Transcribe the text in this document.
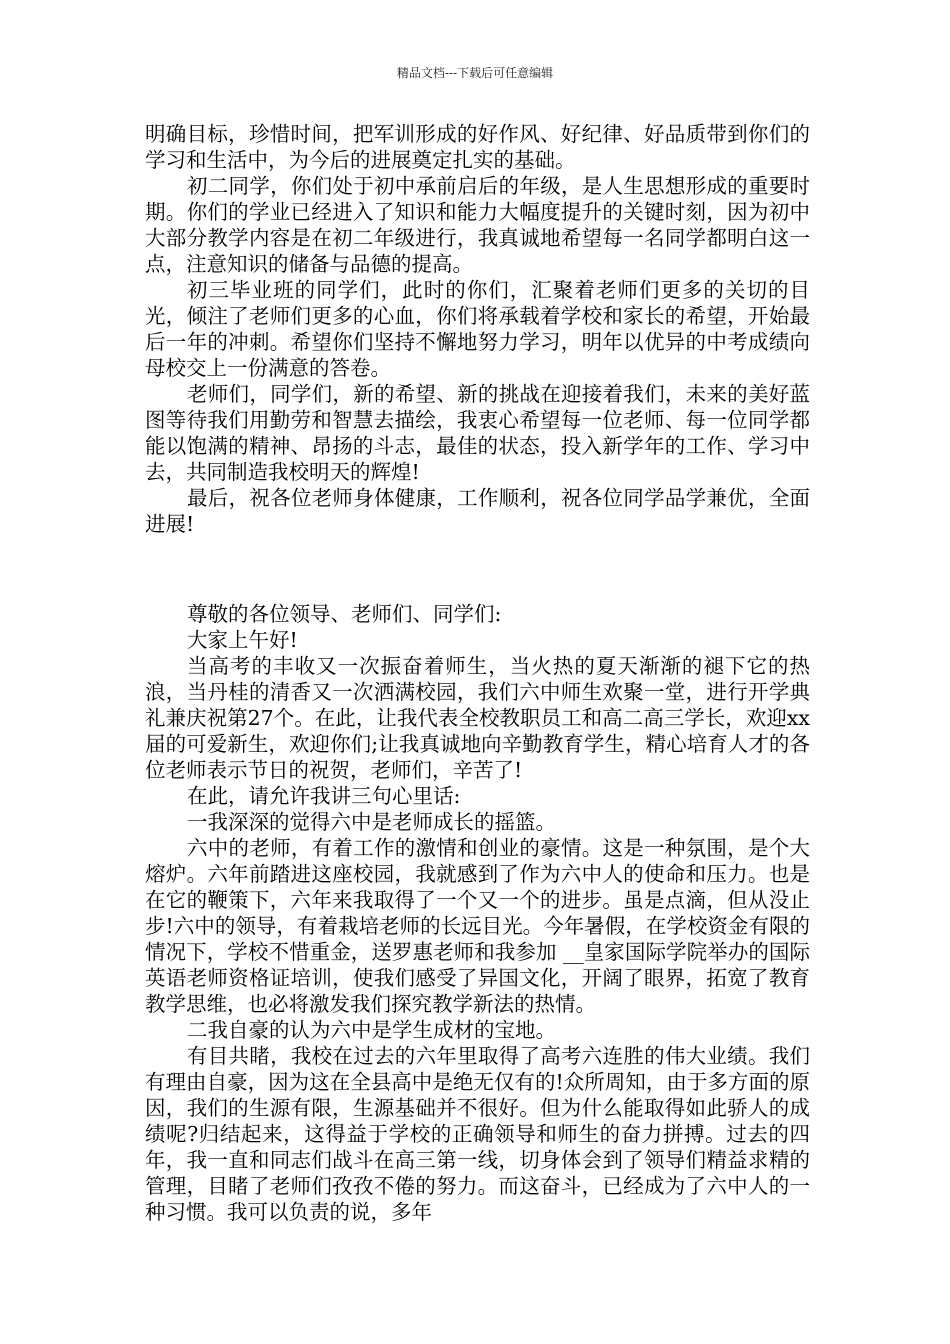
精品文档---下载后可任意编辑

明确目标，珍惜时间，把军训形成的好作风、好纪律、好品质带到你们的学习和生活中，为今后的进展奠定扎实的基础。

初二同学，你们处于初中承前启后的年级，是人生思想形成的重要时期。你们的学业已经进入了知识和能力大幅度提升的关键时刻，因为初中大部分教学内容是在初二年级进行，我真诚地希望每一名同学都明白这一点，注意知识的储备与品德的提高。

初三毕业班的同学们，此时的你们，汇聚着老师们更多的关切的目光，倾注了老师们更多的心血，你们将承载着学校和家长的希望，开始最后一年的冲刺。希望你们坚持不懈地努力学习，明年以优异的中考成绩向母校交上一份满意的答卷。

老师们，同学们，新的希望、新的挑战在迎接着我们，未来的美好蓝图等待我们用勤劳和智慧去描绘，我衷心希望每一位老师、每一位同学都能以饱满的精神、昂扬的斗志，最佳的状态，投入新学年的工作、学习中去，共同制造我校明天的辉煌!

最后，祝各位老师身体健康，工作顺利，祝各位同学品学兼优，全面进展!

尊敬的各位领导、老师们、同学们:

大家上午好!

当高考的丰收又一次振奋着师生，当火热的夏天渐渐的褪下它的热浪，当丹桂的清香又一次洒满校园，我们六中师生欢聚一堂，进行开学典礼兼庆祝第27个。在此，让我代表全校教职员工和高二高三学长，欢迎xx届的可爱新生，欢迎你们;让我真诚地向辛勤教育学生，精心培育人才的各位老师表示节日的祝贺，老师们，辛苦了!

在此，请允许我讲三句心里话:

一我深深的觉得六中是老师成长的摇篮。

六中的老师，有着工作的激情和创业的豪情。这是一种氛围，是个大熔炉。六年前踏进这座校园，我就感到了作为六中人的使命和压力。也是在它的鞭策下，六年来我取得了一个又一个的进步。虽是点滴，但从没止步!六中的领导，有着栽培老师的长远目光。今年暑假，在学校资金有限的情况下，学校不惜重金，送罗惠老师和我参加 __皇家国际学院举办的国际英语老师资格证培训，使我们感受了异国文化，开阔了眼界，拓宽了教育教学思维，也必将激发我们探究教学新法的热情。

二我自豪的认为六中是学生成材的宝地。

有目共睹，我校在过去的六年里取得了高考六连胜的伟大业绩。我们有理由自豪，因为这在全县高中是绝无仅有的!众所周知，由于多方面的原因，我们的生源有限，生源基础并不很好。但为什么能取得如此骄人的成绩呢?归结起来，这得益于学校的正确领导和师生的奋力拼搏。过去的四年，我一直和同志们战斗在高三第一线，切身体会到了领导们精益求精的管理，目睹了老师们孜孜不倦的努力。而这奋斗，已经成为了六中人的一种习惯。我可以负责的说，多年
